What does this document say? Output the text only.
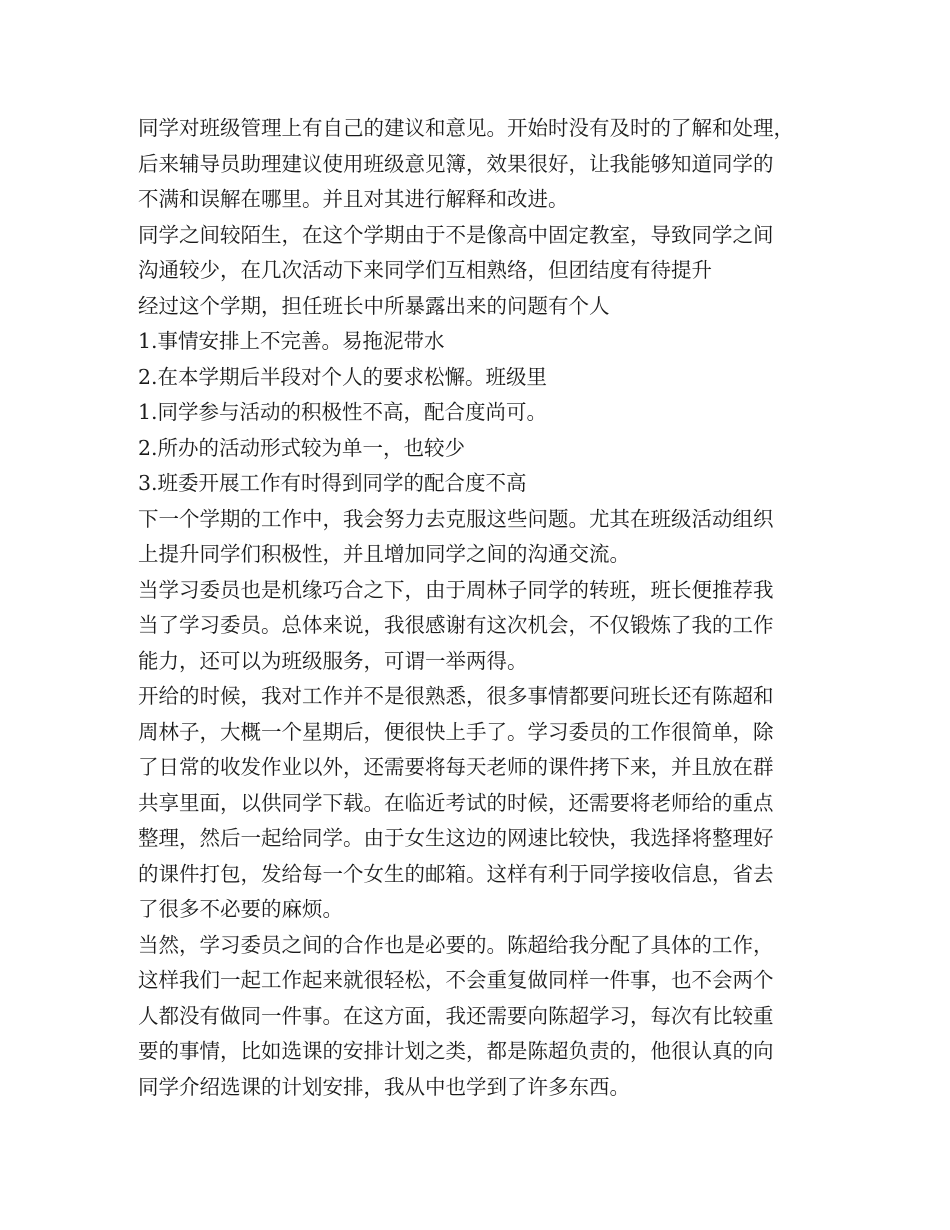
同学对班级管理上有自己的建议和意见。开始时没有及时的了解和处理，
后来辅导员助理建议使用班级意见簿，效果很好，让我能够知道同学的
不满和误解在哪里。并且对其进行解释和改进。
同学之间较陌生，在这个学期由于不是像高中固定教室，导致同学之间
沟通较少，在几次活动下来同学们互相熟络，但团结度有待提升
经过这个学期，担任班长中所暴露出来的问题有个人
1.事情安排上不完善。易拖泥带水
2.在本学期后半段对个人的要求松懈。班级里
1.同学参与活动的积极性不高，配合度尚可。
2.所办的活动形式较为单一，也较少
3.班委开展工作有时得到同学的配合度不高
下一个学期的工作中，我会努力去克服这些问题。尤其在班级活动组织
上提升同学们积极性，并且增加同学之间的沟通交流。
当学习委员也是机缘巧合之下，由于周林子同学的转班，班长便推荐我
当了学习委员。总体来说，我很感谢有这次机会，不仅锻炼了我的工作
能力，还可以为班级服务，可谓一举两得。
开给的时候，我对工作并不是很熟悉，很多事情都要问班长还有陈超和
周林子，大概一个星期后，便很快上手了。学习委员的工作很简单，除
了日常的收发作业以外，还需要将每天老师的课件拷下来，并且放在群
共享里面，以供同学下载。在临近考试的时候，还需要将老师给的重点
整理，然后一起给同学。由于女生这边的网速比较快，我选择将整理好
的课件打包，发给每一个女生的邮箱。这样有利于同学接收信息，省去
了很多不必要的麻烦。
当然，学习委员之间的合作也是必要的。陈超给我分配了具体的工作，
这样我们一起工作起来就很轻松，不会重复做同样一件事，也不会两个
人都没有做同一件事。在这方面，我还需要向陈超学习，每次有比较重
要的事情，比如选课的安排计划之类，都是陈超负责的，他很认真的向
同学介绍选课的计划安排，我从中也学到了许多东西。
